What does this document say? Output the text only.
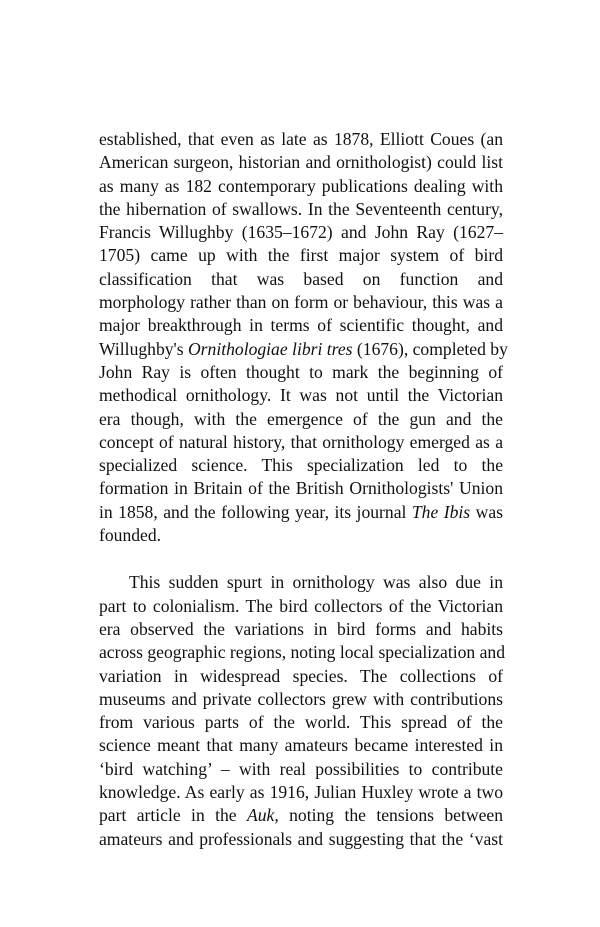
established, that even as late as 1878, Elliott Coues (an
American surgeon, historian and ornithologist) could list
as many as 182 contemporary publications dealing with
the hibernation of swallows. In the Seventeenth century,
Francis Willughby (1635–1672) and John Ray (1627–
1705) came up with the first major system of bird
classification that was based on function and
morphology rather than on form or behaviour, this was a
major breakthrough in terms of scientific thought, and
Willughby's Ornithologiae libri tres (1676), completed by
John Ray is often thought to mark the beginning of
methodical ornithology. It was not until the Victorian
era though, with the emergence of the gun and the
concept of natural history, that ornithology emerged as a
specialized science. This specialization led to the
formation in Britain of the British Ornithologists' Union
in 1858, and the following year, its journal The Ibis was
founded.
This sudden spurt in ornithology was also due in
part to colonialism. The bird collectors of the Victorian
era observed the variations in bird forms and habits
across geographic regions, noting local specialization and
variation in widespread species. The collections of
museums and private collectors grew with contributions
from various parts of the world. This spread of the
science meant that many amateurs became interested in
‘bird watching’ – with real possibilities to contribute
knowledge. As early as 1916, Julian Huxley wrote a two
part article in the Auk, noting the tensions between
amateurs and professionals and suggesting that the ‘vast
